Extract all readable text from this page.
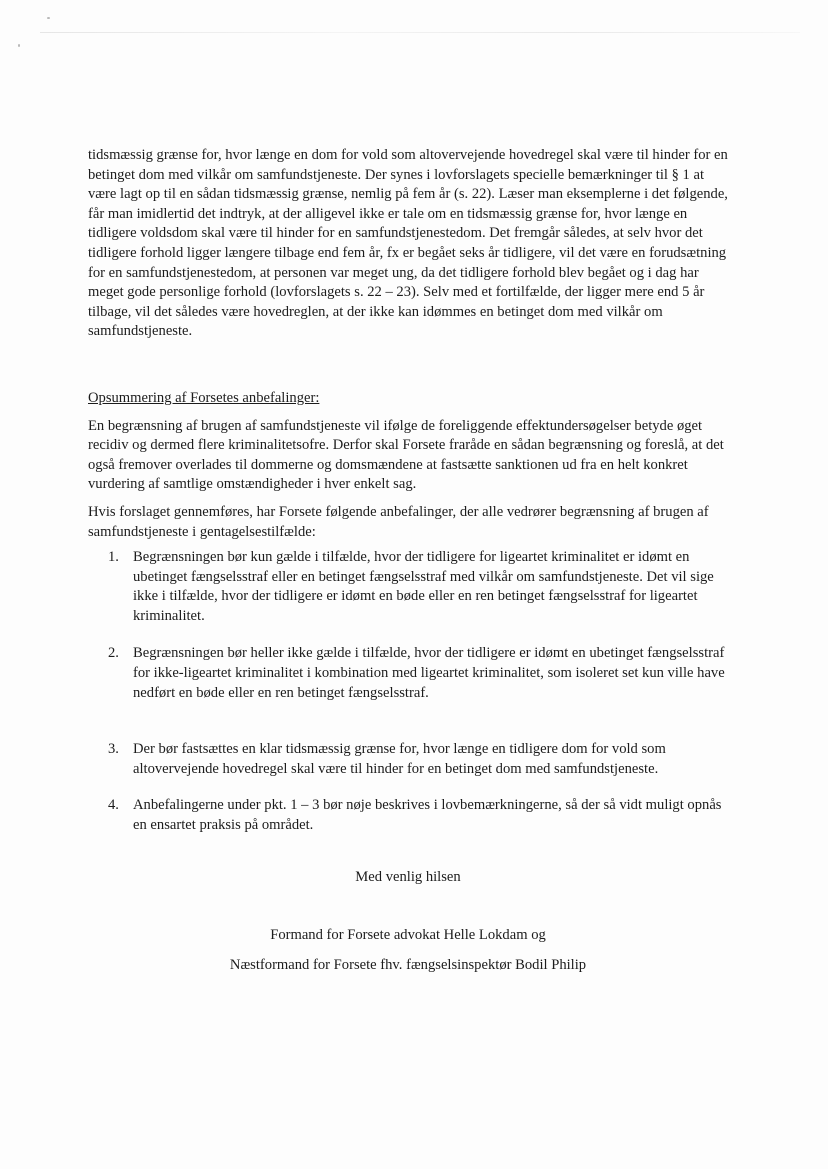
tidsmæssig grænse for, hvor længe en dom for vold som altovervejende hovedregel skal være til hinder for en betinget dom med vilkår om samfundstjeneste. Der synes i lovforslagets specielle bemærkninger til § 1 at være lagt op til en sådan tidsmæssig grænse, nemlig på fem år (s. 22). Læser man eksemplerne i det følgende, får man imidlertid det indtryk, at der alligevel ikke er tale om en tidsmæssig grænse for, hvor længe en tidligere voldsdom skal være til hinder for en samfundstjenestedom. Det fremgår således, at selv hvor det tidligere forhold ligger længere tilbage end fem år, fx er begået seks år tidligere, vil det være en forudsætning for en samfundstjenestedom, at personen var meget ung, da det tidligere forhold blev begået og i dag har meget gode personlige forhold (lovforslagets s. 22 – 23). Selv med et fortilfælde, der ligger mere end 5 år tilbage, vil det således være hovedreglen, at der ikke kan idømmes en betinget dom med vilkår om samfundstjeneste.

Opsummering af Forsetes anbefalinger:

En begrænsning af brugen af samfundstjeneste vil ifølge de foreliggende effektundersøgelser betyde øget recidiv og dermed flere kriminalitetsofre. Derfor skal Forsete fraråde en sådan begrænsning og foreslå, at det også fremover overlades til dommerne og domsmændene at fastsætte sanktionen ud fra en helt konkret vurdering af samtlige omstændigheder i hver enkelt sag.

Hvis forslaget gennemføres, har Forsete følgende anbefalinger, der alle vedrører begrænsning af brugen af samfundstjeneste i gentagelsestilfælde:

1. Begrænsningen bør kun gælde i tilfælde, hvor der tidligere for ligeartet kriminalitet er idømt en ubetinget fængselsstraf eller en betinget fængselsstraf med vilkår om samfundstjeneste. Det vil sige ikke i tilfælde, hvor der tidligere er idømt en bøde eller en ren betinget fængselsstraf for ligeartet kriminalitet.
2. Begrænsningen bør heller ikke gælde i tilfælde, hvor der tidligere er idømt en ubetinget fængselsstraf for ikke-ligeartet kriminalitet i kombination med ligeartet kriminalitet, som isoleret set kun ville have nedført en bøde eller en ren betinget fængselsstraf.
3. Der bør fastsættes en klar tidsmæssig grænse for, hvor længe en tidligere dom for vold som altovervejende hovedregel skal være til hinder for en betinget dom med samfundstjeneste.
4. Anbefalingerne under pkt. 1 – 3 bør nøje beskrives i lovbemærkningerne, så der så vidt muligt opnås en ensartet praksis på området.

Med venlig hilsen

Formand for Forsete advokat Helle Lokdam og

Næstformand for Forsete fhv. fængselsinspektør Bodil Philip
